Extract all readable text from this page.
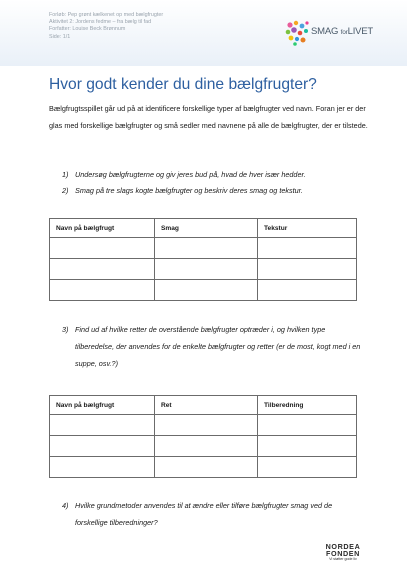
Forløb: Pep grønt kælkenet op med bælgfrugter
Aktivitet 2: Jordens fedme – fra bælg til fad
Forfatter: Louise Beck Brønnum
Side: 1/1	SMAG forLIVET
Hvor godt kender du dine bælgfrugter?
Bælgfrugtsspillet går ud på at identificere forskellige typer af bælgfrugter ved navn. Foran jer er der glas med forskellige bælgfrugter og små sedler med navnene på alle de bælgfrugter, der er tilstede.
1) Undersøg bælgfrugterne og giv jeres bud på, hvad de hver især hedder.
2) Smag på tre slags kogte bælgfrugter og beskriv deres smag og tekstur.
Navn på bælgfrugt	Smag	Tekstur

3) Find ud af hvilke retter de overstående bælgfrugter optræder i, og hvilken type tilberedelse, der anvendes for de enkelte bælgfrugter og retter (er de most, kogt med i en suppe, osv.?)
Navn på bælgfrugt	Ret	Tilberedning

4) Hvilke grundmetoder anvendes til at ændre eller tilføre bælgfrugter smag ved de forskellige tilberedninger?
NORDEA
FONDEN
Vi støtter gode liv
